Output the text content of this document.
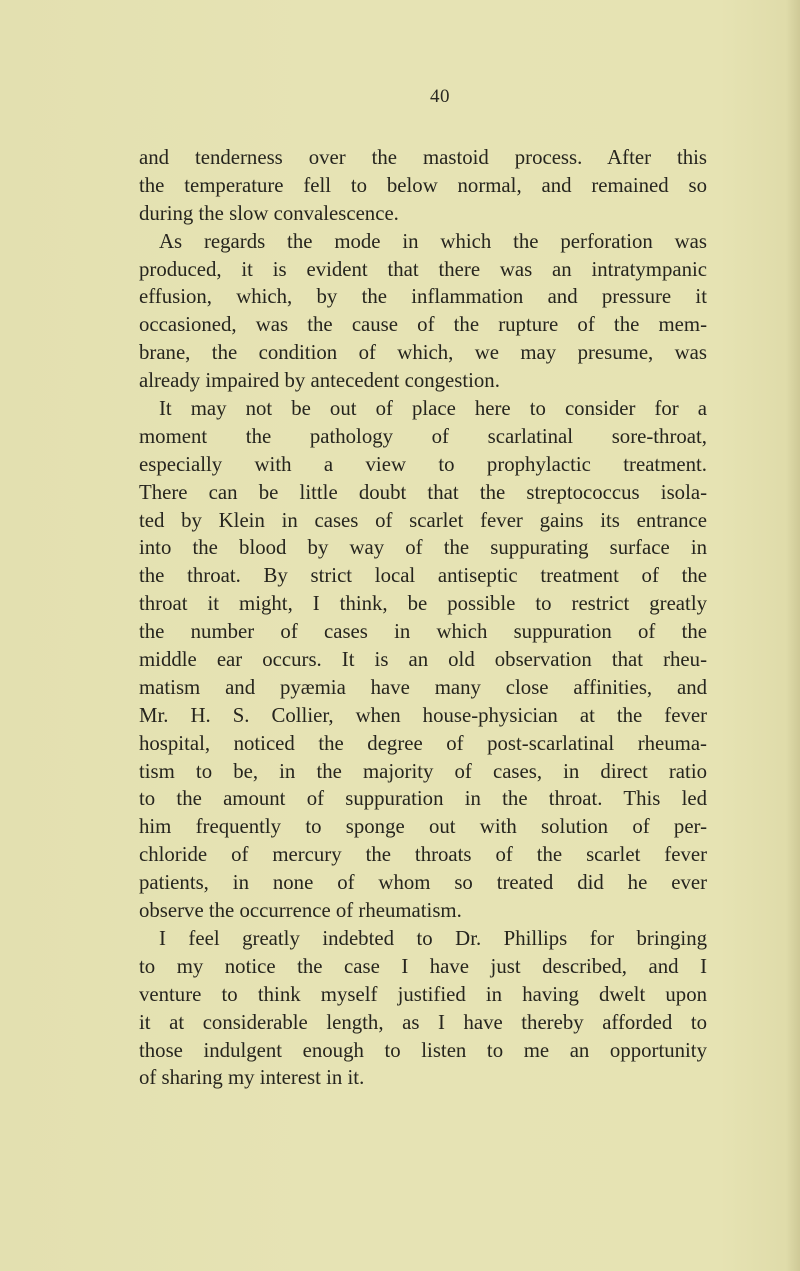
40
and tenderness over the mastoid process. After this
the temperature fell to below normal, and remained so
during the slow convalescence.
As regards the mode in which the perforation was
produced, it is evident that there was an intratympanic
effusion, which, by the inflammation and pressure it
occasioned, was the cause of the rupture of the mem-
brane, the condition of which, we may presume, was
already impaired by antecedent congestion.
It may not be out of place here to consider for a
moment the pathology of scarlatinal sore-throat,
especially with a view to prophylactic treatment.
There can be little doubt that the streptococcus isola-
ted by Klein in cases of scarlet fever gains its entrance
into the blood by way of the suppurating surface in
the throat. By strict local antiseptic treatment of the
throat it might, I think, be possible to restrict greatly
the number of cases in which suppuration of the
middle ear occurs. It is an old observation that rheu-
matism and pyæmia have many close affinities, and
Mr. H. S. Collier, when house-physician at the fever
hospital, noticed the degree of post-scarlatinal rheuma-
tism to be, in the majority of cases, in direct ratio
to the amount of suppuration in the throat. This led
him frequently to sponge out with solution of per-
chloride of mercury the throats of the scarlet fever
patients, in none of whom so treated did he ever
observe the occurrence of rheumatism.
I feel greatly indebted to Dr. Phillips for bringing
to my notice the case I have just described, and I
venture to think myself justified in having dwelt upon
it at considerable length, as I have thereby afforded to
those indulgent enough to listen to me an opportunity
of sharing my interest in it.
